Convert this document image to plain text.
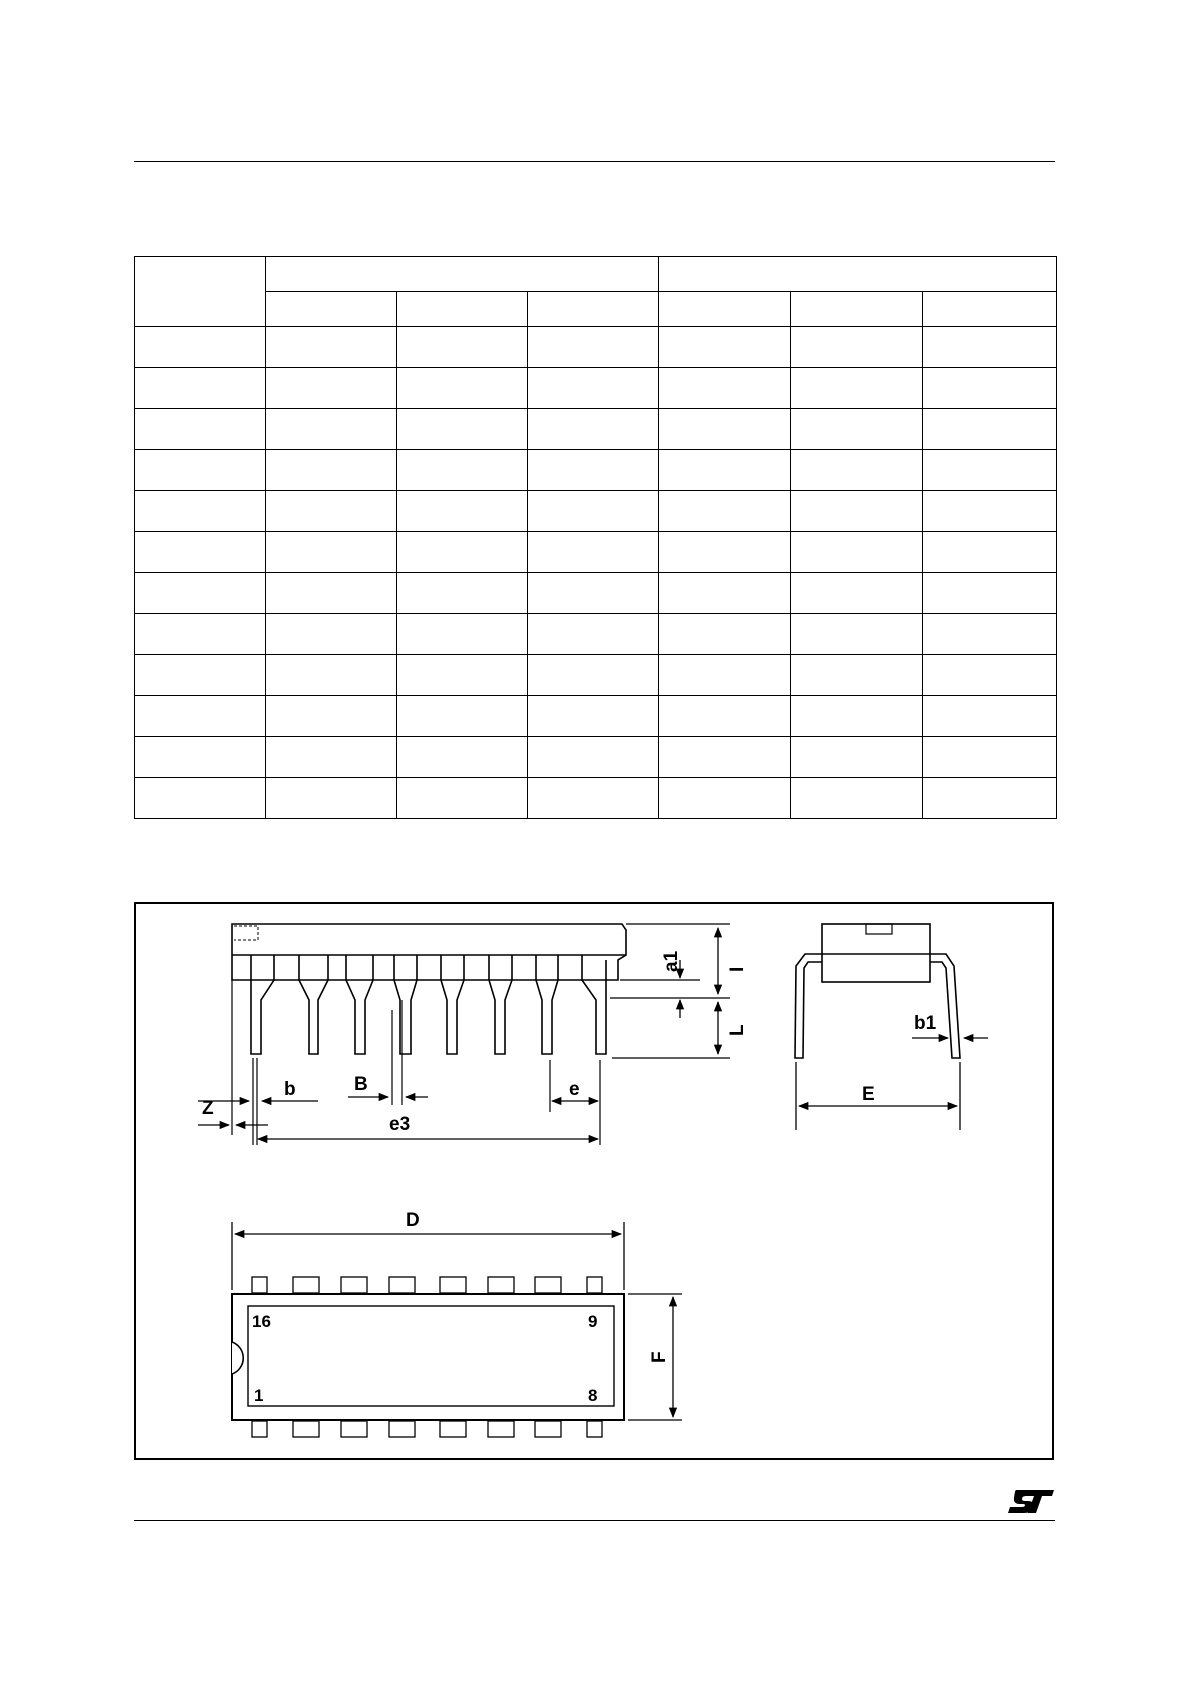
Z
b	B	e
e3
a1 I
L	b1
E
D
F
16	9
1	8
